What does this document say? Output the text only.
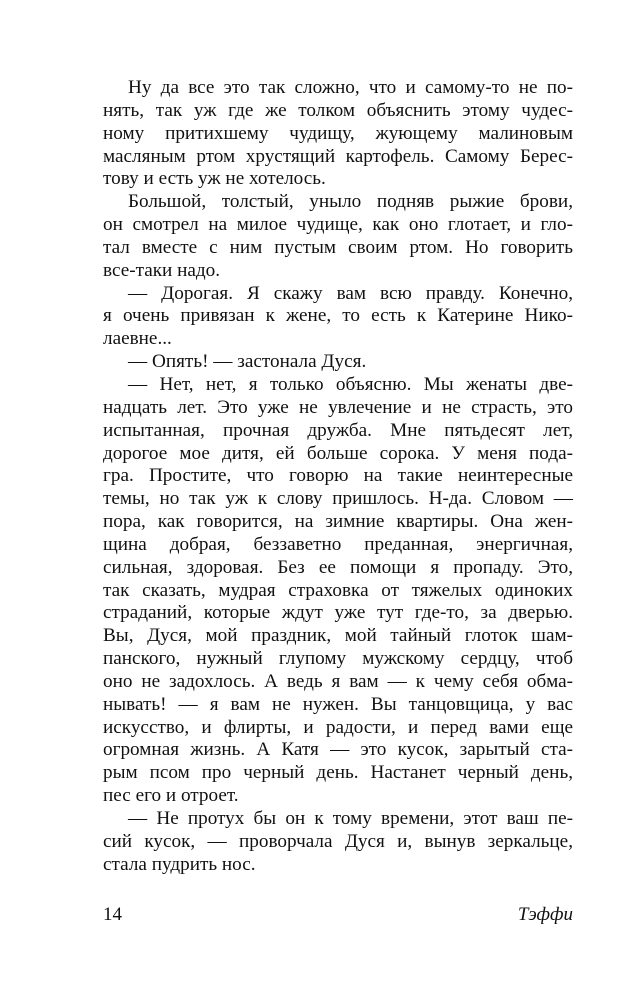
Ну да все это так сложно, что и самому-то не по-
нять, так уж где же толком объяснить этому чудес-
ному притихшему чудищу, жующему малиновым
масляным ртом хрустящий картофель. Самому Берес-
тову и есть уж не хотелось.
Большой, толстый, уныло подняв рыжие брови,
он смотрел на милое чудище, как оно глотает, и гло-
тал вместе с ним пустым своим ртом. Но говорить
все-таки надо.
— Дорогая. Я скажу вам всю правду. Конечно,
я очень привязан к жене, то есть к Катерине Нико-
лаевне...
— Опять! — застонала Дуся.
— Нет, нет, я только объясню. Мы женаты две-
надцать лет. Это уже не увлечение и не страсть, это
испытанная, прочная дружба. Мне пятьдесят лет,
дорогое мое дитя, ей больше сорока. У меня пода-
гра. Простите, что говорю на такие неинтересные
темы, но так уж к слову пришлось. Н-да. Словом —
пора, как говорится, на зимние квартиры. Она жен-
щина добрая, беззаветно преданная, энергичная,
сильная, здоровая. Без ее помощи я пропаду. Это,
так сказать, мудрая страховка от тяжелых одиноких
страданий, которые ждут уже тут где-то, за дверью.
Вы, Дуся, мой праздник, мой тайный глоток шам-
панского, нужный глупому мужскому сердцу, чтоб
оно не задохлось. А ведь я вам — к чему себя обма-
нывать! — я вам не нужен. Вы танцовщица, у вас
искусство, и флирты, и радости, и перед вами еще
огромная жизнь. А Катя — это кусок, зарытый ста-
рым псом про черный день. Настанет черный день,
пес его и отроет.
— Не протух бы он к тому времени, этот ваш пе-
сий кусок, — проворчала Дуся и, вынув зеркальце,
стала пудрить нос.
14	Тэффи
